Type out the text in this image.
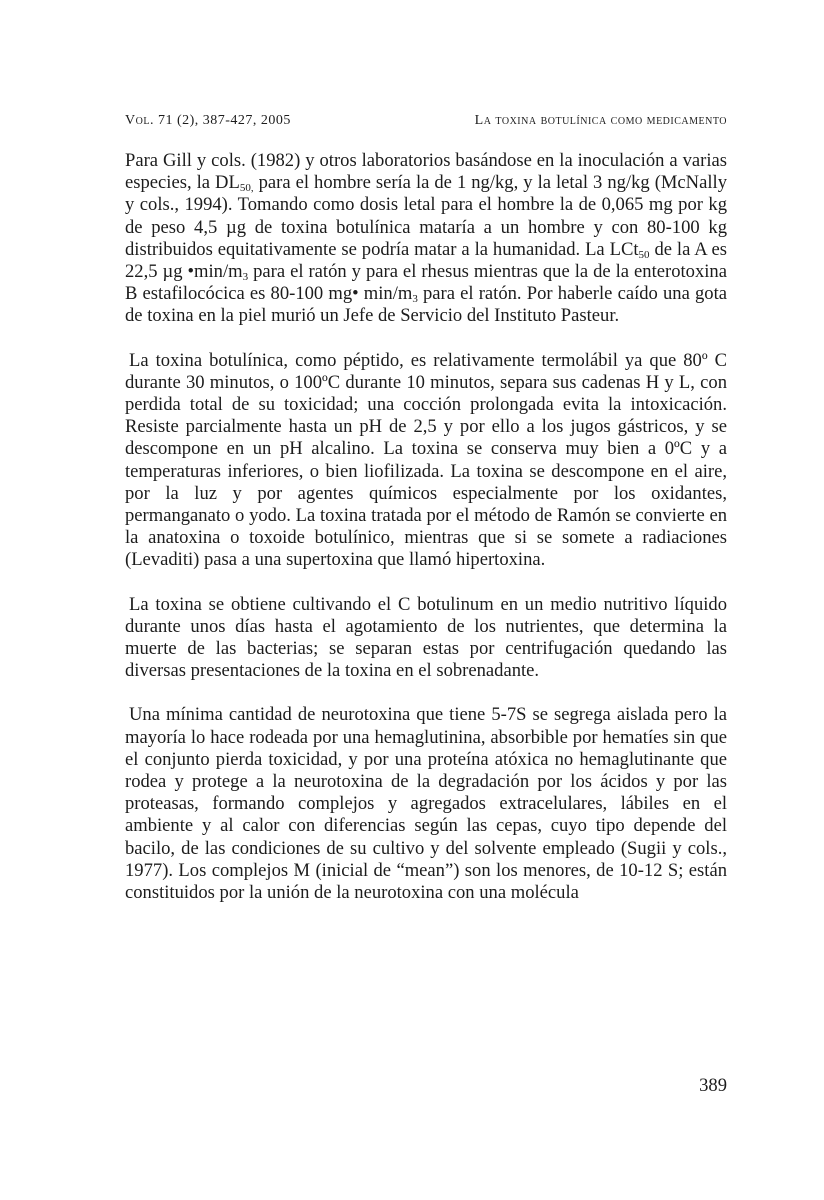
Vol. 71 (2), 387-427, 2005	La toxina botulínica como medicamento

Para Gill y cols. (1982) y otros laboratorios basándose en la inoculación a varias especies, la $DL_{50,}$ para el hombre sería la de 1 ng/kg, y la letal 3 ng/kg (McNally y cols., 1994). Tomando como dosis letal para el hombre la de 0,065 mg por kg de peso 4,5 µg de toxina botulínica mataría a un hombre y con 80-100 kg distribuidos equitativamente se podría matar a la humanidad. La LCt$_{50}$ de la A es 22,5 µg $•\min/m_3$ para el ratón y para el rhesus mientras que la de la enterotoxina B estafilocócica es 80-100 mg• $\min/m_3$ para el ratón. Por haberle caído una gota de toxina en la piel murió un Jefe de Servicio del Instituto Pasteur.

La toxina botulínica, como péptido, es relativamente termolábil ya que 80º C durante 30 minutos, o 100ºC durante 10 minutos, separa sus cadenas H y L, con perdida total de su toxicidad; una cocción prolongada evita la intoxicación. Resiste parcialmente hasta un pH de 2,5 y por ello a los jugos gástricos, y se descompone en un pH alcalino. La toxina se conserva muy bien a 0ºC y a temperaturas inferiores, o bien liofilizada. La toxina se descompone en el aire, por la luz y por agentes químicos especialmente por los oxidantes, permanganato o yodo. La toxina tratada por el método de Ramón se convierte en la anatoxina o toxoide botulínico, mientras que si se somete a radiaciones (Levaditi) pasa a una supertoxina que llamó hipertoxina.

La toxina se obtiene cultivando el C botulinum en un medio nutritivo líquido durante unos días hasta el agotamiento de los nutrientes, que determina la muerte de las bacterias; se separan estas por centrifugación quedando las diversas presentaciones de la toxina en el sobrenadante.

Una mínima cantidad de neurotoxina que tiene 5-7S se segrega aislada pero la mayoría lo hace rodeada por una hemaglutinina, absorbible por hematíes sin que el conjunto pierda toxicidad, y por una proteína atóxica no hemaglutinante que rodea y protege a la neurotoxina de la degradación por los ácidos y por las proteasas, formando complejos y agregados extracelulares, lábiles en el ambiente y al calor con diferencias según las cepas, cuyo tipo depende del bacilo, de las condiciones de su cultivo y del solvente empleado (Sugii y cols., 1977). Los complejos M (inicial de “mean”) son los menores, de 10-12 S; están constituidos por la unión de la neurotoxina con una molécula

389
